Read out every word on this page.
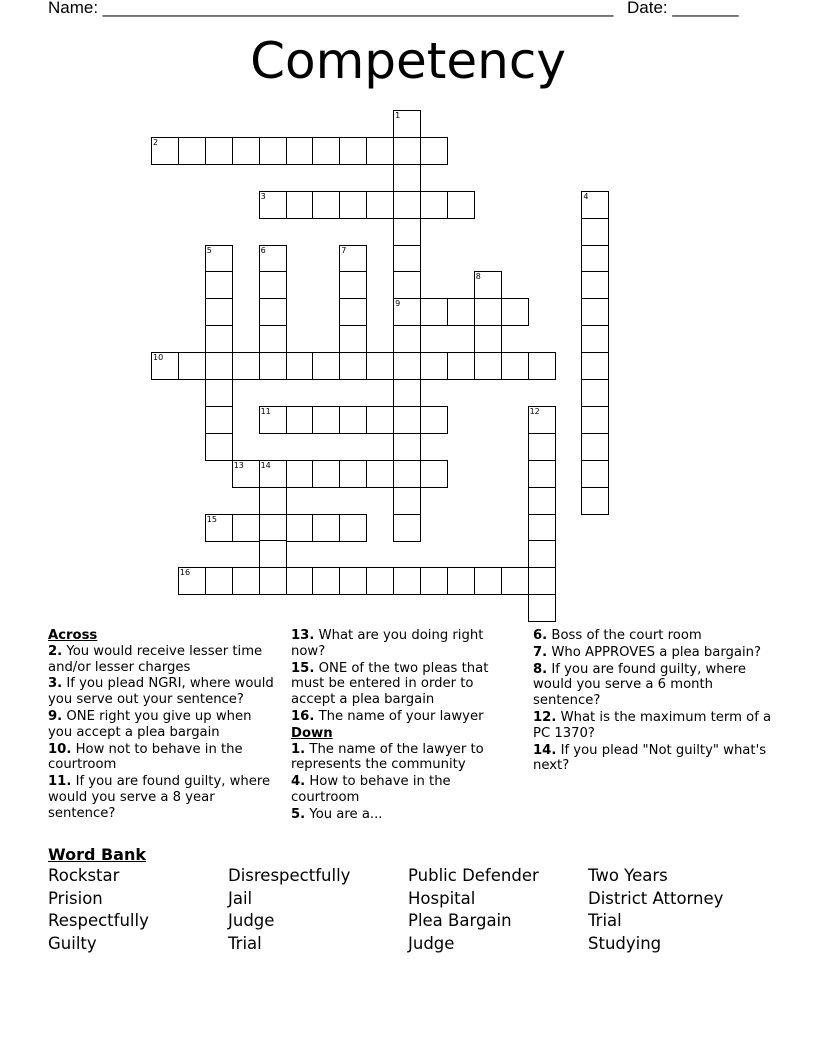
Name: ______________________________________________________ Date: _______
Competency
1
9
2
3	4
5	6	7
8
10
11	12
13 14
15
16
Across
2. You would receive lesser time and/or lesser charges
3. If you plead NGRI, where would you serve out your sentence?
9. ONE right you give up when you accept a plea bargain
10. How not to behave in the courtroom
11. If you are found guilty, where would you serve a 8 year sentence?
13. What are you doing right now?
15. ONE of the two pleas that must be entered in order to accept a plea bargain
16. The name of your lawyer
Down
1. The name of the lawyer to represents the community
4. How to behave in the courtroom
5. You are a...
6. Boss of the court room
7. Who APPROVES a plea bargain?
8. If you are found guilty, where would you serve a 6 month sentence?
12. What is the maximum term of a PC 1370?
14. If you plead "Not guilty" what's next?
Word Bank
Rockstar
Prision
Respectfully
Guilty
Disrespectfully
Jail
Judge
Trial
Public Defender
Hospital
Plea Bargain
Judge
Two Years
District Attorney
Trial
Studying
